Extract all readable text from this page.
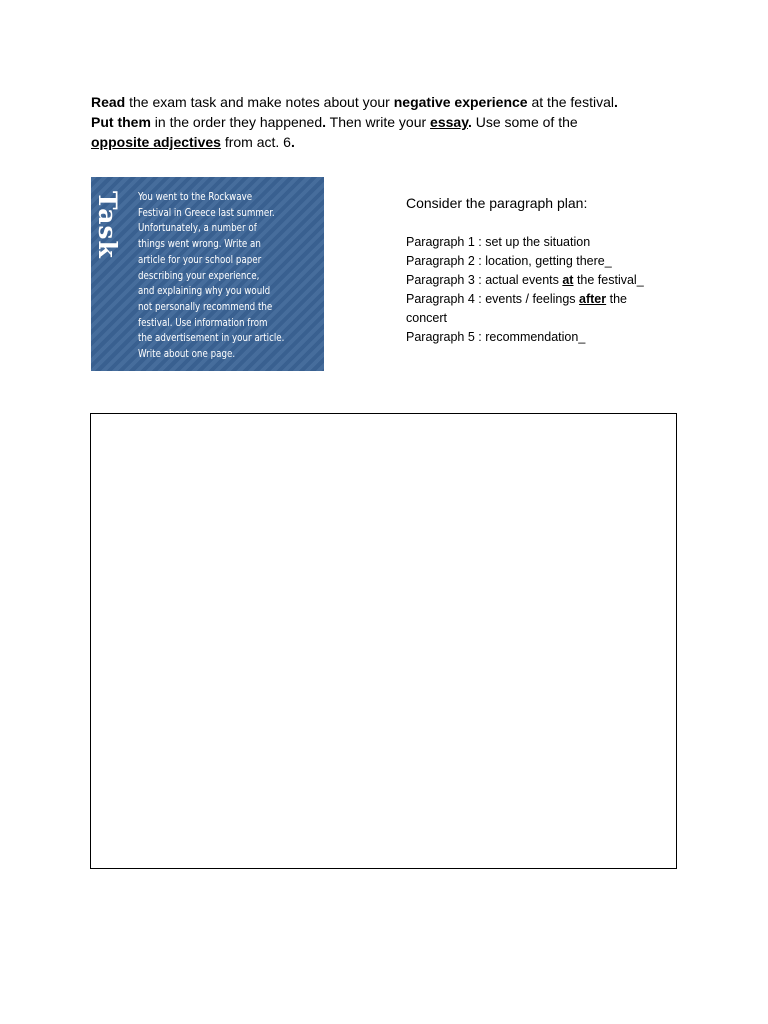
Read the exam task and make notes about your negative experience at the festival.

Put them in the order they happened. Then write your essay. Use some of the

opposite adjectives from act. 6.

Task You went to the Rockwave
Festival in Greece last summer.
Unfortunately, a number of
things went wrong. Write an
article for your school paper
describing your experience,
and explaining why you would
not personally recommend the
festival. Use information from
the advertisement in your article.
Write about one page.
Consider the paragraph plan:
Paragraph 1 : set up the situation
Paragraph 2 : location, getting there_
Paragraph 3 : actual events at the festival_
Paragraph 4 : events / feelings after the
concert
Paragraph 5 : recommendation_
